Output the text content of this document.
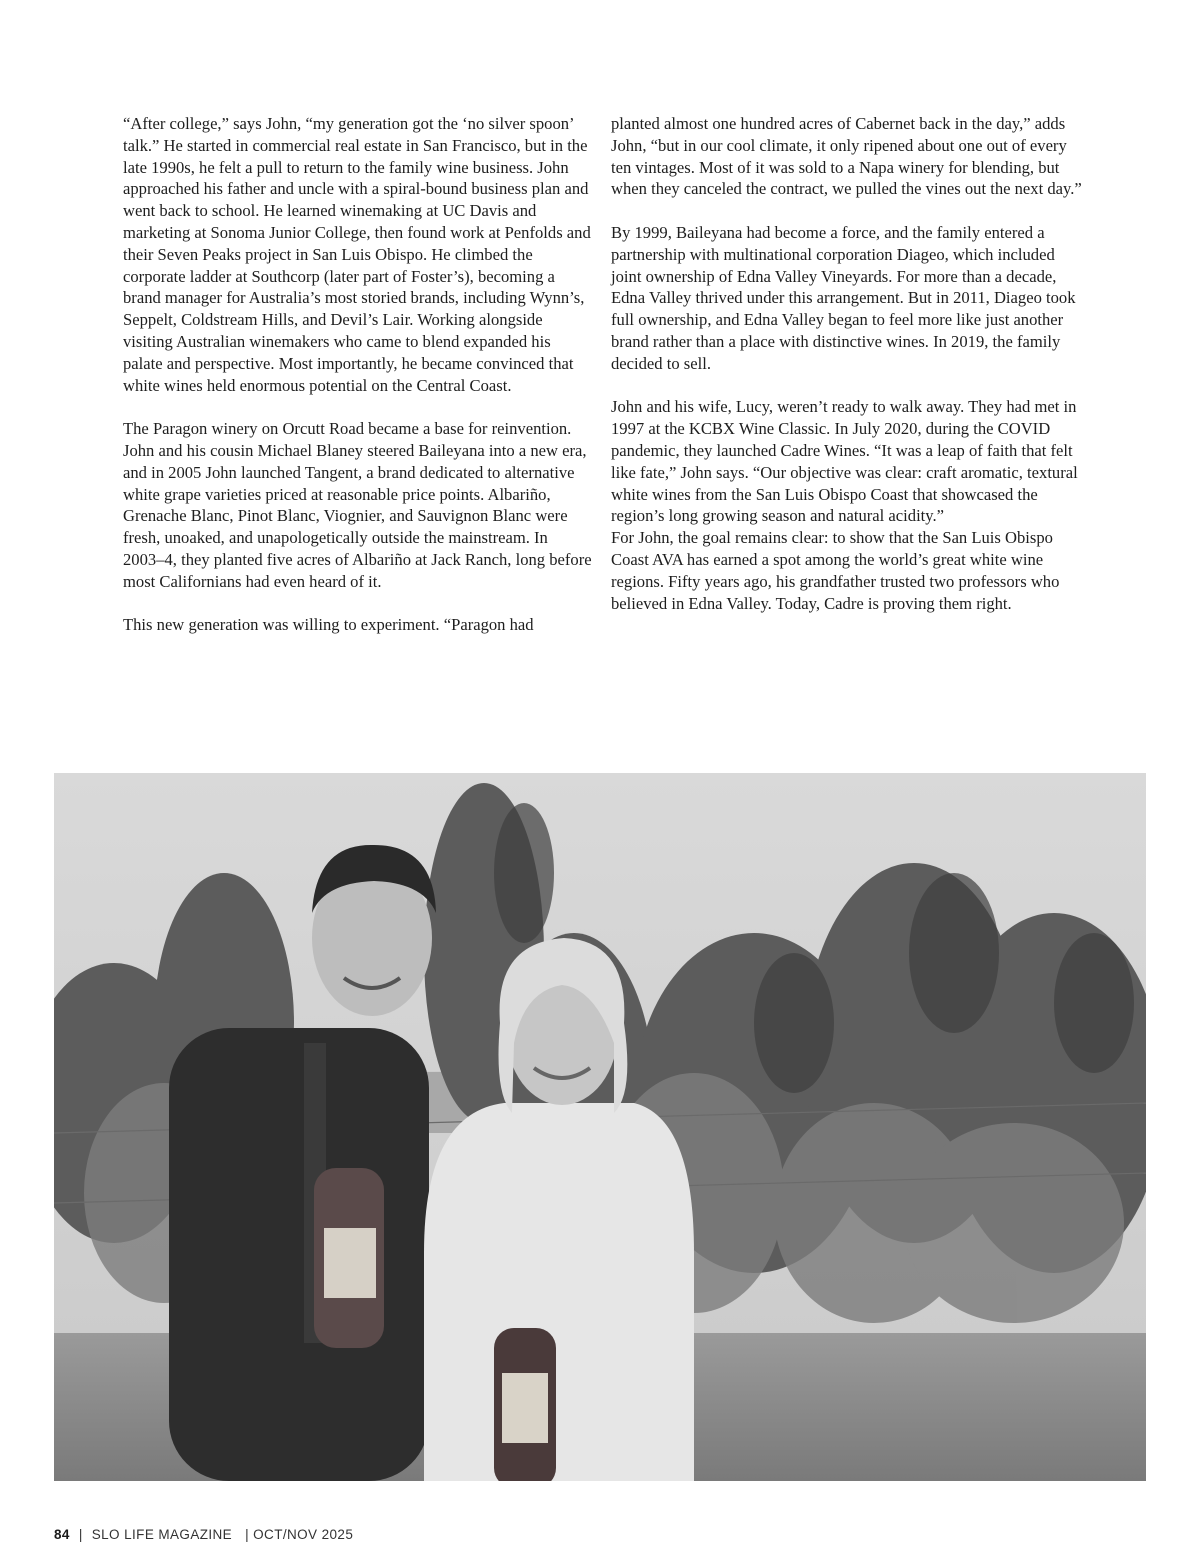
“After college,” says John, “my generation got the ‘no silver spoon’ talk.” He started in commercial real estate in San Francisco, but in the late 1990s, he felt a pull to return to the family wine business. John approached his father and uncle with a spiral-bound business plan and went back to school. He learned winemaking at UC Davis and marketing at Sonoma Junior College, then found work at Penfolds and their Seven Peaks project in San Luis Obispo. He climbed the corporate ladder at Southcorp (later part of Foster’s), becoming a brand manager for Australia’s most storied brands, including Wynn’s, Seppelt, Coldstream Hills, and Devil’s Lair. Working alongside visiting Australian winemakers who came to blend expanded his palate and perspective. Most importantly, he became convinced that white wines held enormous potential on the Central Coast.

The Paragon winery on Orcutt Road became a base for reinvention. John and his cousin Michael Blaney steered Baileyana into a new era, and in 2005 John launched Tangent, a brand dedicated to alternative white grape varieties priced at reasonable price points. Albariño, Grenache Blanc, Pinot Blanc, Viognier, and Sauvignon Blanc were fresh, unoaked, and unapologetically outside the mainstream. In 2003–4, they planted five acres of Albariño at Jack Ranch, long before most Californians had even heard of it.

This new generation was willing to experiment. “Paragon had

planted almost one hundred acres of Cabernet back in the day,” adds John, “but in our cool climate, it only ripened about one out of every ten vintages. Most of it was sold to a Napa winery for blending, but when they canceled the contract, we pulled the vines out the next day.”

By 1999, Baileyana had become a force, and the family entered a partnership with multinational corporation Diageo, which included joint ownership of Edna Valley Vineyards. For more than a decade, Edna Valley thrived under this arrangement. But in 2011, Diageo took full ownership, and Edna Valley began to feel more like just another brand rather than a place with distinctive wines. In 2019, the family decided to sell.

John and his wife, Lucy, weren’t ready to walk away. They had met in 1997 at the KCBX Wine Classic. In July 2020, during the COVID pandemic, they launched Cadre Wines. “It was a leap of faith that felt like fate,” John says. “Our objective was clear: craft aromatic, textural white wines from the San Luis Obispo Coast that showcased the region’s long growing season and natural acidity.”

For John, the goal remains clear: to show that the San Luis Obispo Coast AVA has earned a spot among the world’s great white wine regions. Fifty years ago, his grandfather trusted two professors who believed in Edna Valley. Today, Cadre is proving them right.

84 | SLO LIFE MAGAZINE | OCT/NOV 2025
